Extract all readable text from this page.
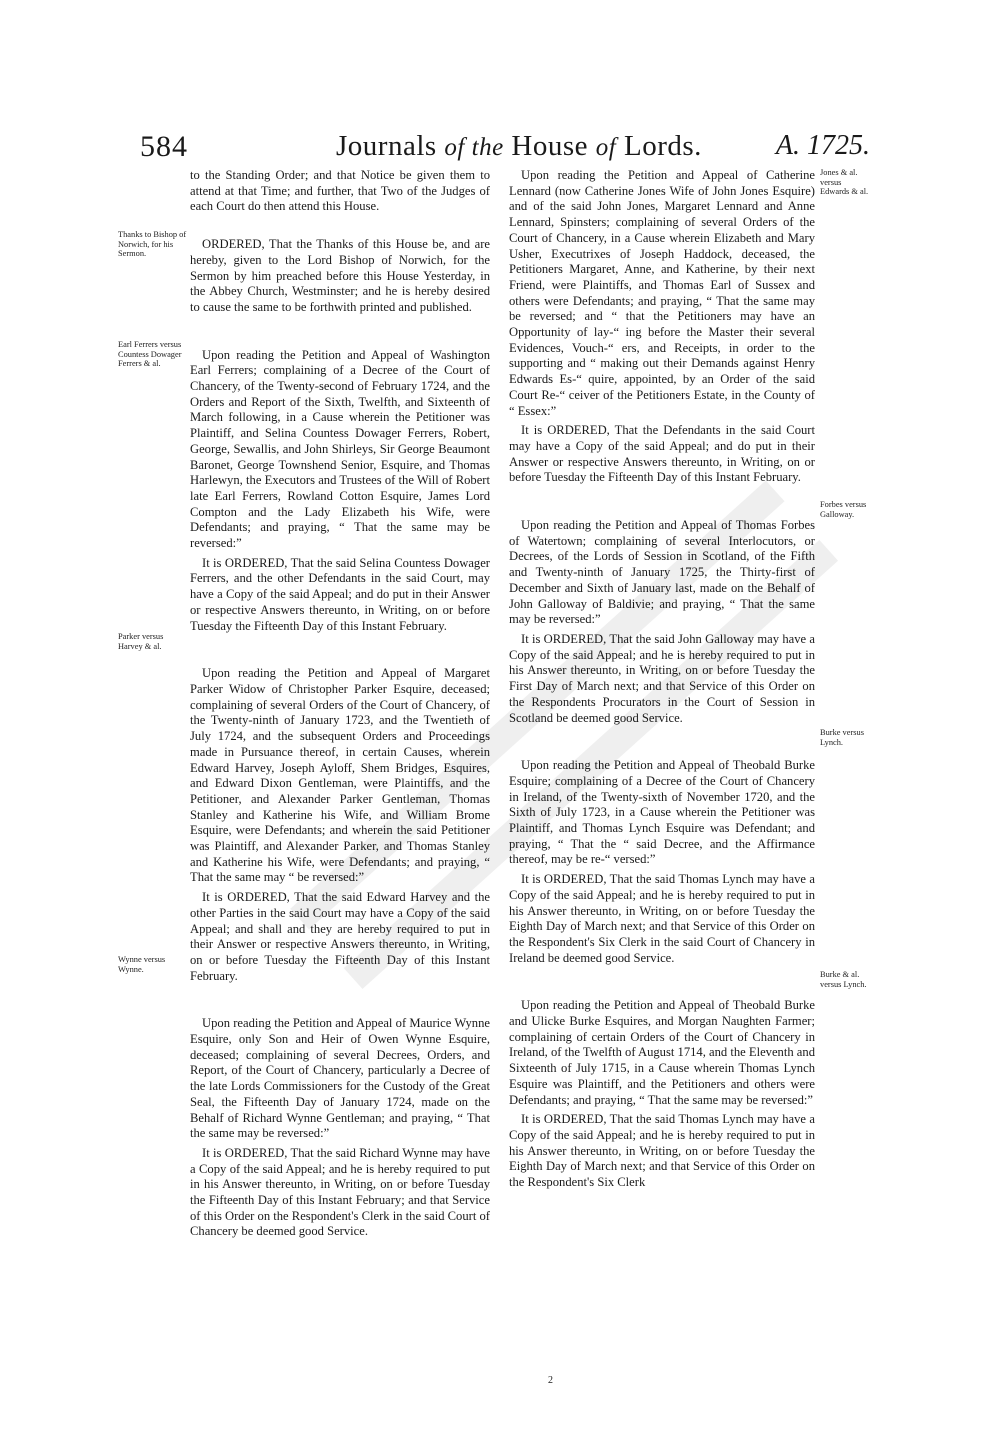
584	Journals of the House of Lords.	A. 1725.
Thanks to Bishop of Norwich, for his Sermon.
Earl Ferrers versus Countess Dowager Ferrers & al.
Parker versus Harvey & al.
Wynne versus Wynne.
Jones & al. versus Edwards & al.
Forbes versus Galloway.
Burke versus Lynch.
Burke & al. versus Lynch.

to the Standing Order; and that Notice be given them to attend at that Time; and further, that Two of the Judges of each Court do then attend this House.

ORDERED, That the Thanks of this House be, and are hereby, given to the Lord Bishop of Norwich, for the Sermon by him preached before this House Yesterday, in the Abbey Church, Westminster; and he is hereby desired to cause the same to be forthwith printed and published.

Upon reading the Petition and Appeal of Washington Earl Ferrers; complaining of a Decree of the Court of Chancery, of the Twenty-second of February 1724, and the Orders and Report of the Sixth, Twelfth, and Sixteenth of March following, in a Cause wherein the Petitioner was Plaintiff, and Selina Countess Dowager Ferrers, Robert, George, Sewallis, and John Shirleys, Sir George Beaumont Baronet, George Townshend Senior, Esquire, and Thomas Harlewyn, the Executors and Trustees of the Will of Robert late Earl Ferrers, Rowland Cotton Esquire, James Lord Compton and the Lady Elizabeth his Wife, were Defendants; and praying, “ That the same may be reversed:”

It is ORDERED, That the said Selina Countess Dowager Ferrers, and the other Defendants in the said Court, may have a Copy of the said Appeal; and do put in their Answer or respective Answers thereunto, in Writing, on or before Tuesday the Fifteenth Day of this Instant February.

Upon reading the Petition and Appeal of Margaret Parker Widow of Christopher Parker Esquire, deceased; complaining of several Orders of the Court of Chancery, of the Twenty-ninth of January 1723, and the Twentieth of July 1724, and the subsequent Orders and Proceedings made in Pursuance thereof, in certain Causes, wherein Edward Harvey, Joseph Ayloff, Shem Bridges, Esquires, and Edward Dixon Gentleman, were Plaintiffs, and the Petitioner, and Alexander Parker Gentleman, Thomas Stanley and Katherine his Wife, and William Brome Esquire, were Defendants; and wherein the said Petitioner was Plaintiff, and Alexander Parker, and Thomas Stanley and Katherine his Wife, were Defendants; and praying, “ That the same may “ be reversed:”

It is ORDERED, That the said Edward Harvey and the other Parties in the said Court may have a Copy of the said Appeal; and shall and they are hereby required to put in their Answer or respective Answers thereunto, in Writing, on or before Tuesday the Fifteenth Day of this Instant February.

Upon reading the Petition and Appeal of Maurice Wynne Esquire, only Son and Heir of Owen Wynne Esquire, deceased; complaining of several Decrees, Orders, and Report, of the Court of Chancery, particularly a Decree of the late Lords Commissioners for the Custody of the Great Seal, the Fifteenth Day of January 1724, made on the Behalf of Richard Wynne Gentleman; and praying, “ That the same may be reversed:”

It is ORDERED, That the said Richard Wynne may have a Copy of the said Appeal; and he is hereby required to put in his Answer thereunto, in Writing, on or before Tuesday the Fifteenth Day of this Instant February; and that Service of this Order on the Respondent's Clerk in the said Court of Chancery be deemed good Service.

Upon reading the Petition and Appeal of Catherine Lennard (now Catherine Jones Wife of John Jones Esquire) and of the said John Jones, Margaret Lennard and Anne Lennard, Spinsters; complaining of several Orders of the Court of Chancery, in a Cause wherein Elizabeth and Mary Usher, Executrixes of Joseph Haddock, deceased, the Petitioners Margaret, Anne, and Katherine, by their next Friend, were Plaintiffs, and Thomas Earl of Sussex and others were Defendants; and praying, “ That the same may be reversed; and “ that the Petitioners may have an Opportunity of lay-“ ing before the Master their several Evidences, Vouch-“ ers, and Receipts, in order to the supporting and “ making out their Demands against Henry Edwards Es-“ quire, appointed, by an Order of the said Court Re-“ ceiver of the Petitioners Estate, in the County of “ Essex:”

It is ORDERED, That the Defendants in the said Court may have a Copy of the said Appeal; and do put in their Answer or respective Answers thereunto, in Writing, on or before Tuesday the Fifteenth Day of this Instant February.

Upon reading the Petition and Appeal of Thomas Forbes of Watertown; complaining of several Interlocutors, or Decrees, of the Lords of Session in Scotland, of the Fifth and Twenty-ninth of January 1725, the Thirty-first of December and Sixth of January last, made on the Behalf of John Galloway of Baldivie; and praying, “ That the same may be reversed:”

It is ORDERED, That the said John Galloway may have a Copy of the said Appeal; and he is hereby required to put in his Answer thereunto, in Writing, on or before Tuesday the First Day of March next; and that Service of this Order on the Respondents Procurators in the Court of Session in Scotland be deemed good Service.

Upon reading the Petition and Appeal of Theobald Burke Esquire; complaining of a Decree of the Court of Chancery in Ireland, of the Twenty-sixth of November 1720, and the Sixth of July 1723, in a Cause wherein the Petitioner was Plaintiff, and Thomas Lynch Esquire was Defendant; and praying, “ That the “ said Decree, and the Affirmance thereof, may be re-“ versed:”

It is ORDERED, That the said Thomas Lynch may have a Copy of the said Appeal; and he is hereby required to put in his Answer thereunto, in Writing, on or before Tuesday the Eighth Day of March next; and that Service of this Order on the Respondent's Six Clerk in the said Court of Chancery in Ireland be deemed good Service.

Upon reading the Petition and Appeal of Theobald Burke and Ulicke Burke Esquires, and Morgan Naughten Farmer; complaining of certain Orders of the Court of Chancery in Ireland, of the Twelfth of August 1714, and the Eleventh and Sixteenth of July 1715, in a Cause wherein Thomas Lynch Esquire was Plaintiff, and the Petitioners and others were Defendants; and praying, “ That the same may be reversed:”

It is ORDERED, That the said Thomas Lynch may have a Copy of the said Appeal; and he is hereby required to put in his Answer thereunto, in Writing, on or before Tuesday the Eighth Day of March next; and that Service of this Order on the Respondent's Six Clerk

2
